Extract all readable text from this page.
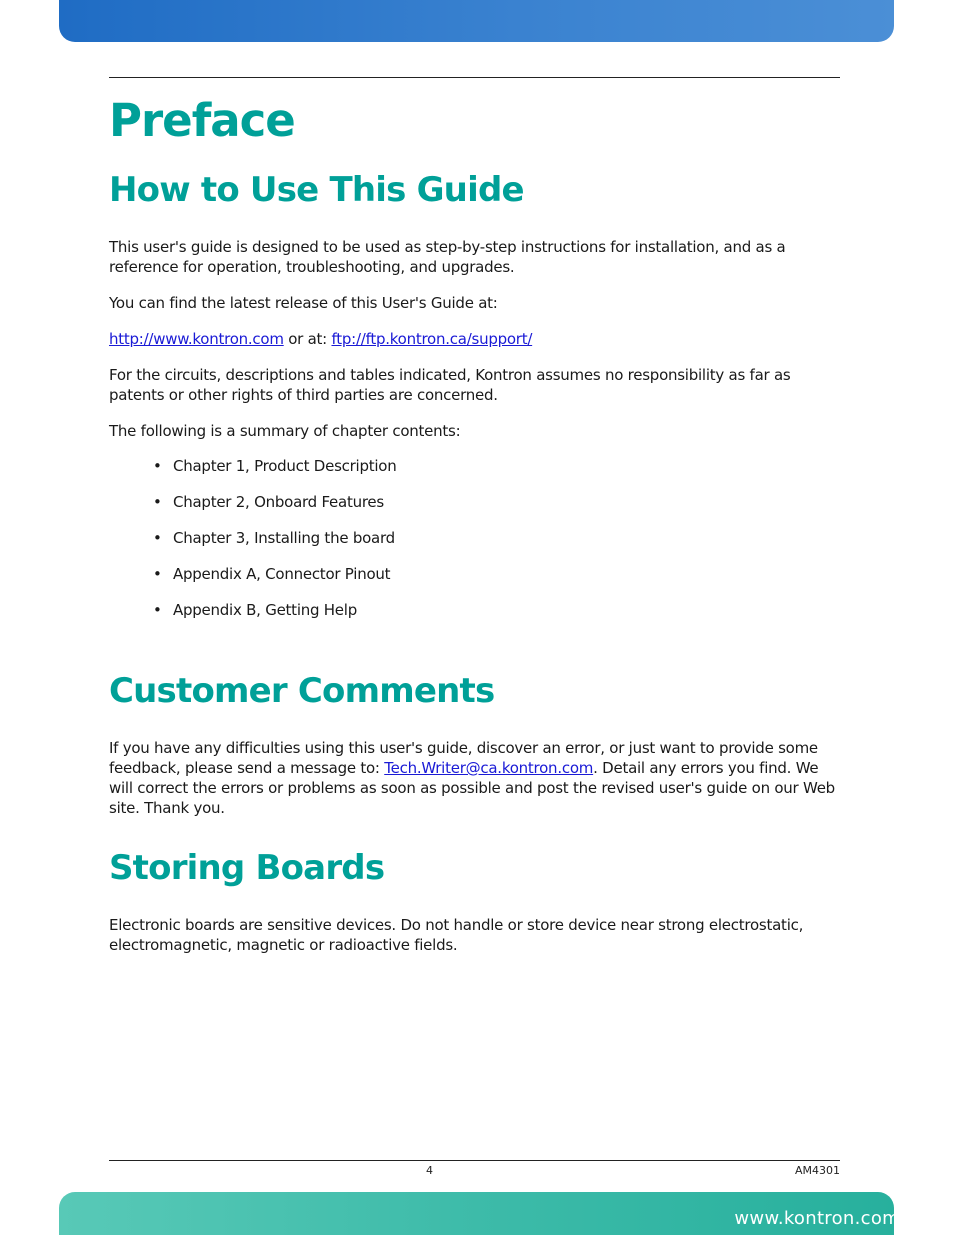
Preface
How to Use This Guide

This user's guide is designed to be used as step-by-step instructions for installation, and as a reference for operation, troubleshooting, and upgrades.

You can find the latest release of this User's Guide at:

http://www.kontron.com or at: ftp://ftp.kontron.ca/support/

For the circuits, descriptions and tables indicated, Kontron assumes no responsibility as far as patents or other rights of third parties are concerned.

The following is a summary of chapter contents:

• Chapter 1, Product Description
• Chapter 2, Onboard Features
• Chapter 3, Installing the board
• Appendix A, Connector Pinout
• Appendix B, Getting Help
Customer Comments

If you have any difficulties using this user's guide, discover an error, or just want to provide some feedback, please send a message to: Tech.Writer@ca.kontron.com. Detail any errors you find. We will correct the errors or problems as soon as possible and post the revised user's guide on our Web site. Thank you.

Storing Boards

Electronic boards are sensitive devices. Do not handle or store device near strong electrostatic, electromagnetic, magnetic or radioactive fields.

4	AM4301
www.kontron.com
